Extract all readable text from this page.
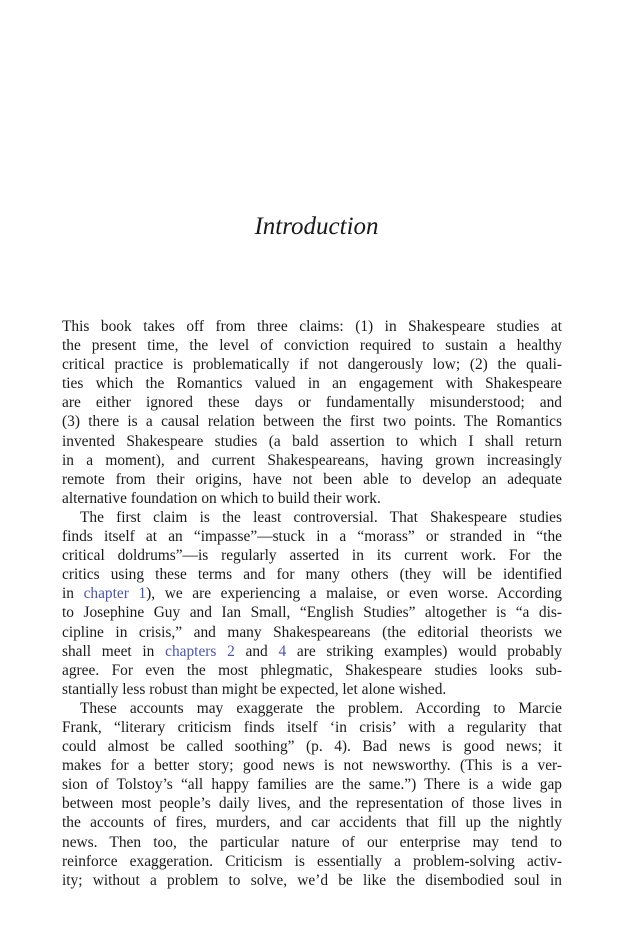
Introduction
This book takes off from three claims: (1) in Shakespeare studies at
the present time, the level of conviction required to sustain a healthy
critical practice is problematically if not dangerously low; (2) the quali-
ties which the Romantics valued in an engagement with Shakespeare
are either ignored these days or fundamentally misunderstood; and
(3) there is a causal relation between the first two points. The Romantics
invented Shakespeare studies (a bald assertion to which I shall return
in a moment), and current Shakespeareans, having grown increasingly
remote from their origins, have not been able to develop an adequate
alternative foundation on which to build their work.
The first claim is the least controversial. That Shakespeare studies
finds itself at an “impasse”—stuck in a “morass” or stranded in “the
critical doldrums”—is regularly asserted in its current work. For the
critics using these terms and for many others (they will be identified
in chapter 1), we are experiencing a malaise, or even worse. According
to Josephine Guy and Ian Small, “English Studies” altogether is “a dis-
cipline in crisis,” and many Shakespeareans (the editorial theorists we
shall meet in chapters 2 and 4 are striking examples) would probably
agree. For even the most phlegmatic, Shakespeare studies looks sub-
stantially less robust than might be expected, let alone wished.
These accounts may exaggerate the problem. According to Marcie
Frank, “literary criticism finds itself ‘in crisis’ with a regularity that
could almost be called soothing” (p. 4). Bad news is good news; it
makes for a better story; good news is not newsworthy. (This is a ver-
sion of Tolstoy’s “all happy families are the same.”) There is a wide gap
between most people’s daily lives, and the representation of those lives in
the accounts of fires, murders, and car accidents that fill up the nightly
news. Then too, the particular nature of our enterprise may tend to
reinforce exaggeration. Criticism is essentially a problem-solving activ-
ity; without a problem to solve, we’d be like the disembodied soul in
